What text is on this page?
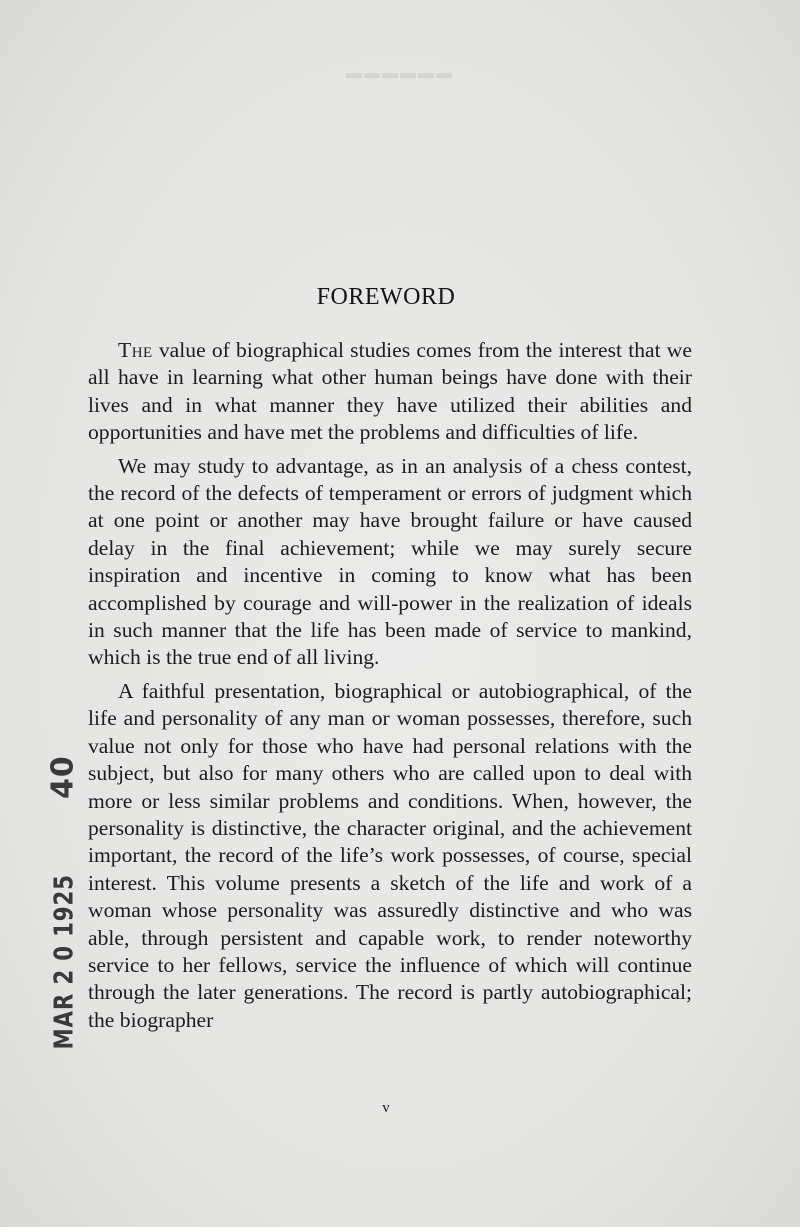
▬▬▬▬▬▬
FOREWORD

The value of biographical studies comes from the interest that we all have in learning what other human beings have done with their lives and in what manner they have utilized their abilities and opportunities and have met the problems and difficulties of life.

We may study to advantage, as in an analysis of a chess contest, the record of the defects of temperament or errors of judgment which at one point or another may have brought failure or have caused delay in the final achievement; while we may surely secure inspiration and incentive in coming to know what has been accomplished by courage and will-power in the realization of ideals in such manner that the life has been made of service to mankind, which is the true end of all living.

A faithful presentation, biographical or autobiographical, of the life and personality of any man or woman possesses, therefore, such value not only for those who have had personal relations with the subject, but also for many others who are called upon to deal with more or less similar problems and conditions. When, however, the personality is distinctive, the character original, and the achievement important, the record of the life’s work possesses, of course, special interest. This volume presents a sketch of the life and work of a woman whose personality was assuredly distinctive and who was able, through persistent and capable work, to render noteworthy service to her fellows, service the influence of which will continue through the later generations. The record is partly autobiographical; the biographer

v
MAR 2 0 192540
